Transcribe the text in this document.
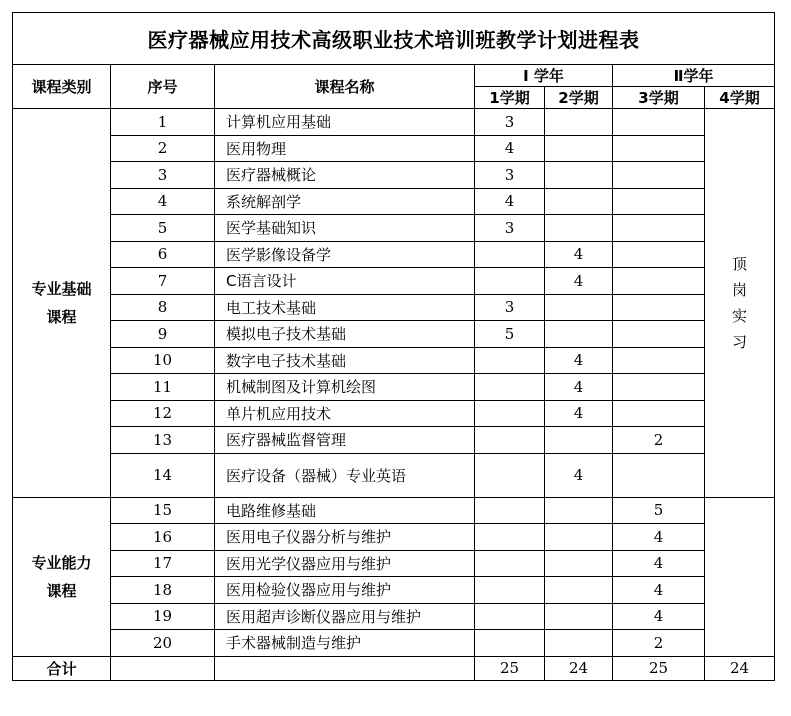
医疗器械应用技术高级职业技术培训班教学计划进程表						
课程类别	序号	课程名称	Ⅰ 学年		Ⅱ学年	
			1学期	2学期	3学期	4学期
专业基础课程	1	计算机应用基础	3			顶岗实习
	2	医用物理	4			
	3	医疗器械概论	3			
	4	系统解剖学	4			
	5	医学基础知识	3			
	6	医学影像设备学		4		
	7	C语言设计		4		
	8	电工技术基础	3			
	9	模拟电子技术基础	5			
	10	数字电子技术基础		4		
	11	机械制图及计算机绘图		4		
	12	单片机应用技术		4		
	13	医疗器械监督管理			2	
	14	医疗设备（器械）专业英语		4		
专业能力课程	15	电路维修基础			5	
	16	医用电子仪器分析与维护			4	
	17	医用光学仪器应用与维护			4	
	18	医用检验仪器应用与维护			4	
	19	医用超声诊断仪器应用与维护			4	
	20	手术器械制造与维护			2	
合计			25	24	25	24
